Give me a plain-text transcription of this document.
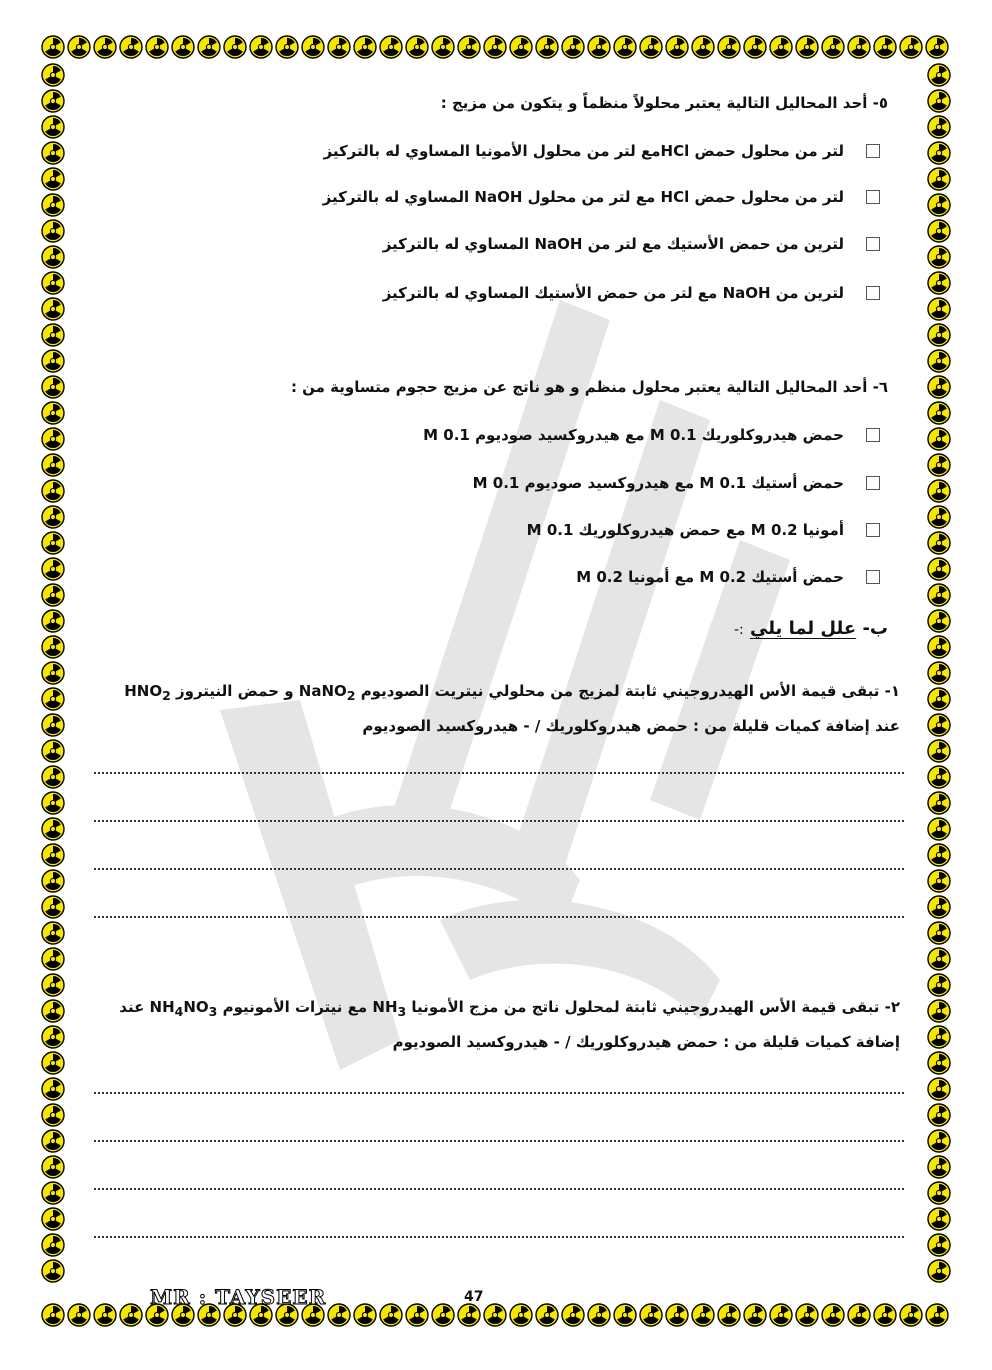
٥- أحد المحاليل التالية يعتبر محلولاً منظماً و يتكون من مزيج :
لتر من محلول حمض HClمع لتر من محلول الأمونيا المساوي له بالتركيز
لتر من محلول حمض HCl مع لتر من محلول NaOH المساوي له بالتركيز
لترين من حمض الأستيك مع لتر من NaOH المساوي له بالتركيز
لترين من NaOH مع لتر من حمض الأستيك المساوي له بالتركيز
٦- أحد المحاليل التالية يعتبر محلول منظم و هو ناتج عن مزيج حجوم متساوية من :
حمض هيدروكلوريك 0.1 M مع هيدروكسيد صوديوم 0.1 M
حمض أستيك 0.1 M مع هيدروكسيد صوديوم 0.1 M
أمونيا 0.2 M مع حمض هيدروكلوريك 0.1 M
حمض أستيك 0.2 M مع أمونيا 0.2 M
ب- علل لما يلي :-
١- تبقى قيمة الأس الهيدروجيني ثابتة لمزيج من محلولي نيتريت الصوديوم NaNO$_2$ و حمض النيتروز $HNO_2$
عند إضافة كميات قليلة من : حمض هيدروكلوريك / - هيدروكسيد الصوديوم
٢- تبقى قيمة الأس الهيدروجيني ثابتة لمحلول ناتج من مزج الأمونيا $NH_3$ مع نيترات الأمونيوم $NH_4NO_3$ عند
إضافة كميات قليلة من : حمض هيدروكلوريك / - هيدروكسيد الصوديوم
MR : TAYSEER	47
